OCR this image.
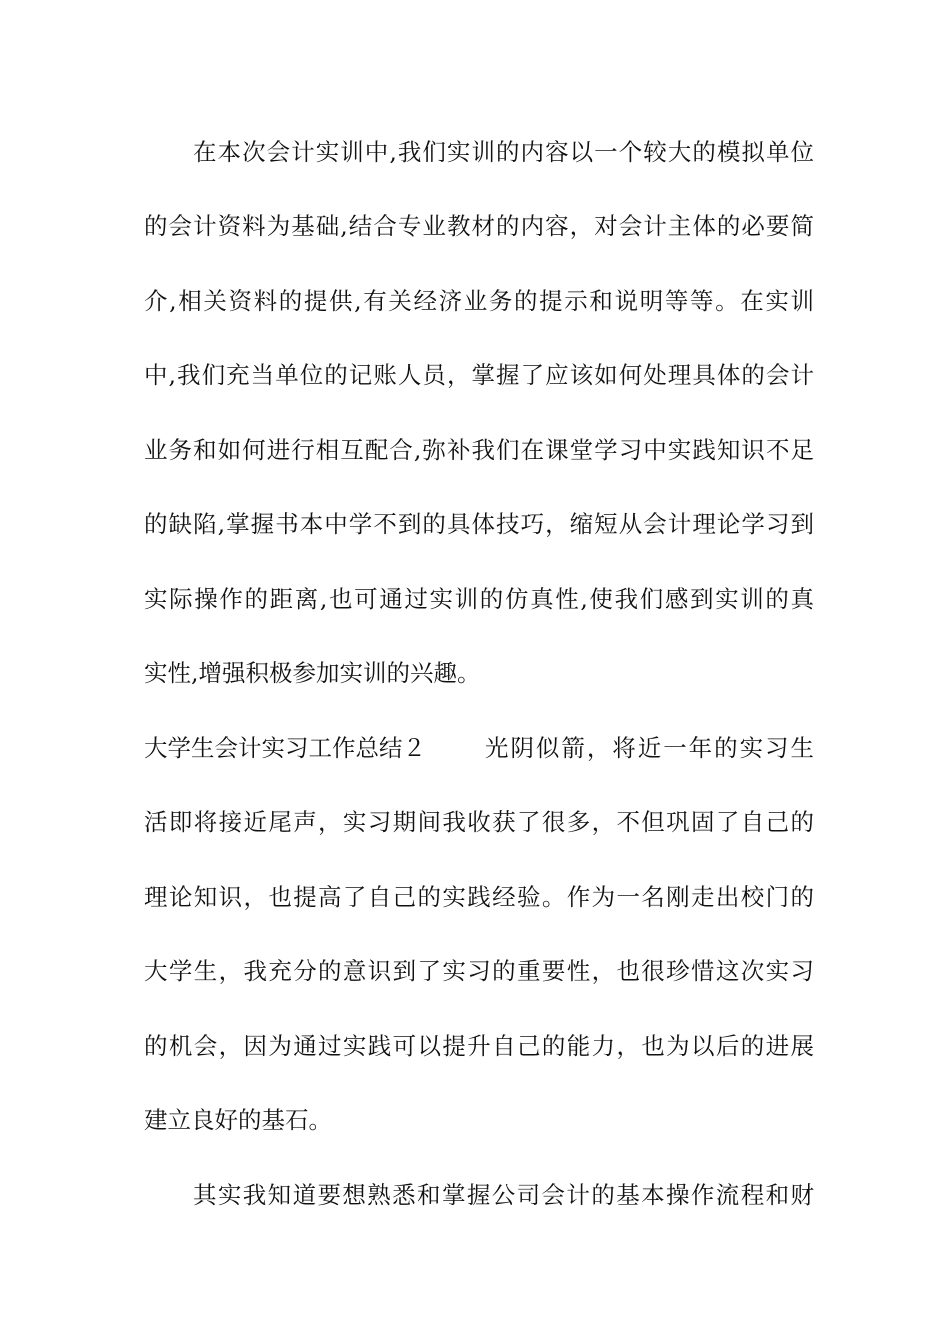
在本次会计实训中,我们实训的内容以一个较大的模拟单位
的会计资料为基础,结合专业教材的内容，对会计主体的必要简
介,相关资料的提供,有关经济业务的提示和说明等等。在实训
中,我们充当单位的记账人员，掌握了应该如何处理具体的会计
业务和如何进行相互配合,弥补我们在课堂学习中实践知识不足
的缺陷,掌握书本中学不到的具体技巧，缩短从会计理论学习到
实际操作的距离,也可通过实训的仿真性,使我们感到实训的真
实性,增强积极参加实训的兴趣。
大学生会计实习工作总结２	光阴似箭，将近一年的实习生
活即将接近尾声，实习期间我收获了很多，不但巩固了自己的
理论知识，也提高了自己的实践经验。作为一名刚走出校门的
大学生，我充分的意识到了实习的重要性，也很珍惜这次实习
的机会，因为通过实践可以提升自己的能力，也为以后的进展
建立良好的基石。
其实我知道要想熟悉和掌握公司会计的基本操作流程和财
